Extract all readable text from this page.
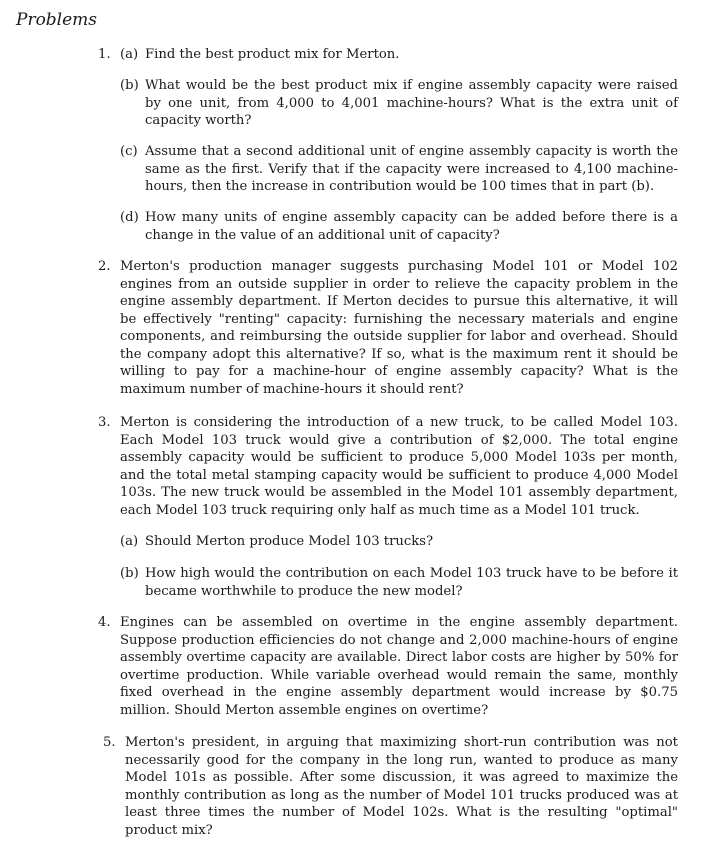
Problems
1. (a) Find the best product mix for Merton.
(b) What would be the best product mix if engine assembly capacity were raised by one unit, from 4,000 to 4,001 machine-hours? What is the extra unit of capacity worth?
(c) Assume that a second additional unit of engine assembly capacity is worth the same as the first. Verify that if the capacity were increased to 4,100 machine-hours, then the increase in contribution would be 100 times that in part (b).
(d) How many units of engine assembly capacity can be added before there is a change in the value of an additional unit of capacity?
2. Merton's production manager suggests purchasing Model 101 or Model 102 engines from an outside supplier in order to relieve the capacity problem in the engine assembly department. If Merton decides to pursue this alternative, it will be effectively "renting" capacity: furnishing the necessary materials and engine components, and reimbursing the outside supplier for labor and overhead. Should the company adopt this alternative? If so, what is the maximum rent it should be willing to pay for a machine-hour of engine assembly capacity? What is the maximum number of machine-hours it should rent?
3. Merton is considering the introduction of a new truck, to be called Model 103. Each Model 103 truck would give a contribution of $2,000. The total engine assembly capacity would be sufficient to produce 5,000 Model 103s per month, and the total metal stamping capacity would be sufficient to produce 4,000 Model 103s. The new truck would be assembled in the Model 101 assembly department, each Model 103 truck requiring only half as much time as a Model 101 truck.
(a) Should Merton produce Model 103 trucks?
(b) How high would the contribution on each Model 103 truck have to be before it became worthwhile to produce the new model?
4. Engines can be assembled on overtime in the engine assembly department. Suppose production efficiencies do not change and 2,000 machine-hours of engine assembly overtime capacity are available. Direct labor costs are higher by 50% for overtime production. While variable overhead would remain the same, monthly fixed overhead in the engine assembly department would increase by $0.75 million. Should Merton assemble engines on overtime?
5. Merton's president, in arguing that maximizing short-run contribution was not necessarily good for the company in the long run, wanted to produce as many Model 101s as possible. After some discussion, it was agreed to maximize the monthly contribution as long as the number of Model 101 trucks produced was at least three times the number of Model 102s. What is the resulting "optimal" product mix?
